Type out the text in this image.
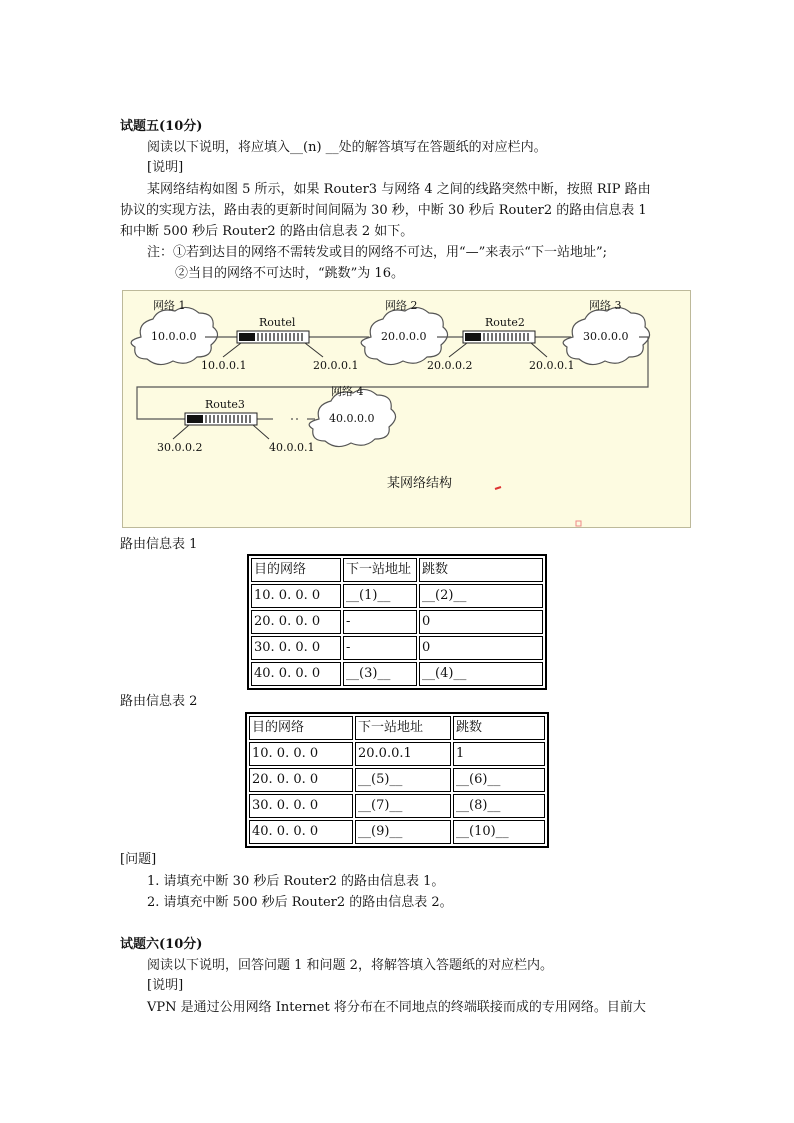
试题五(10分)
阅读以下说明，将应填入__(n) __处的解答填写在答题纸的对应栏内。
[说明]
某网络结构如图 5 所示，如果 Router3 与网络 4 之间的线路突然中断，按照 RIP 路由
协议的实现方法，路由表的更新时间间隔为 30 秒，中断 30 秒后 Router2 的路由信息表 1
和中断 500 秒后 Router2 的路由信息表 2 如下。
注：①若到达目的网络不需转发或目的网络不可达，用“—”来表示“下一站地址”;
②当目的网络不可达时，“跳数”为 16。
网络 1
10.0.0.0
Routel
10.0.0.1	20.0.0.1
网络 2
20.0.0.0
Route2
20.0.0.2	20.0.0.1
网络 3
30.0.0.0
网络 4
40.0.0.0
Route3
30.0.0.2	40.0.0.1
某网络结构
路由信息表 1
目的网络	下一站地址	跳数
10. 0. 0. 0	__(1)__	__(2)__
20. 0. 0. 0	-	0
30. 0. 0. 0	-	0
40. 0. 0. 0	__(3)__	__(4)__
路由信息表 2
目的网络	下一站地址	跳数
10. 0. 0. 0	20.0.0.1	1
20. 0. 0. 0	__(5)__	__(6)__
30. 0. 0. 0	__(7)__	__(8)__
40. 0. 0. 0	__(9)__	__(10)__
[问题]
1. 请填充中断 30 秒后 Router2 的路由信息表 1。
2. 请填充中断 500 秒后 Router2 的路由信息表 2。
试题六(10分)
阅读以下说明，回答问题 1 和问题 2，将解答填入答题纸的对应栏内。
[说明]
VPN 是通过公用网络 Internet 将分布在不同地点的终端联接而成的专用网络。目前大
